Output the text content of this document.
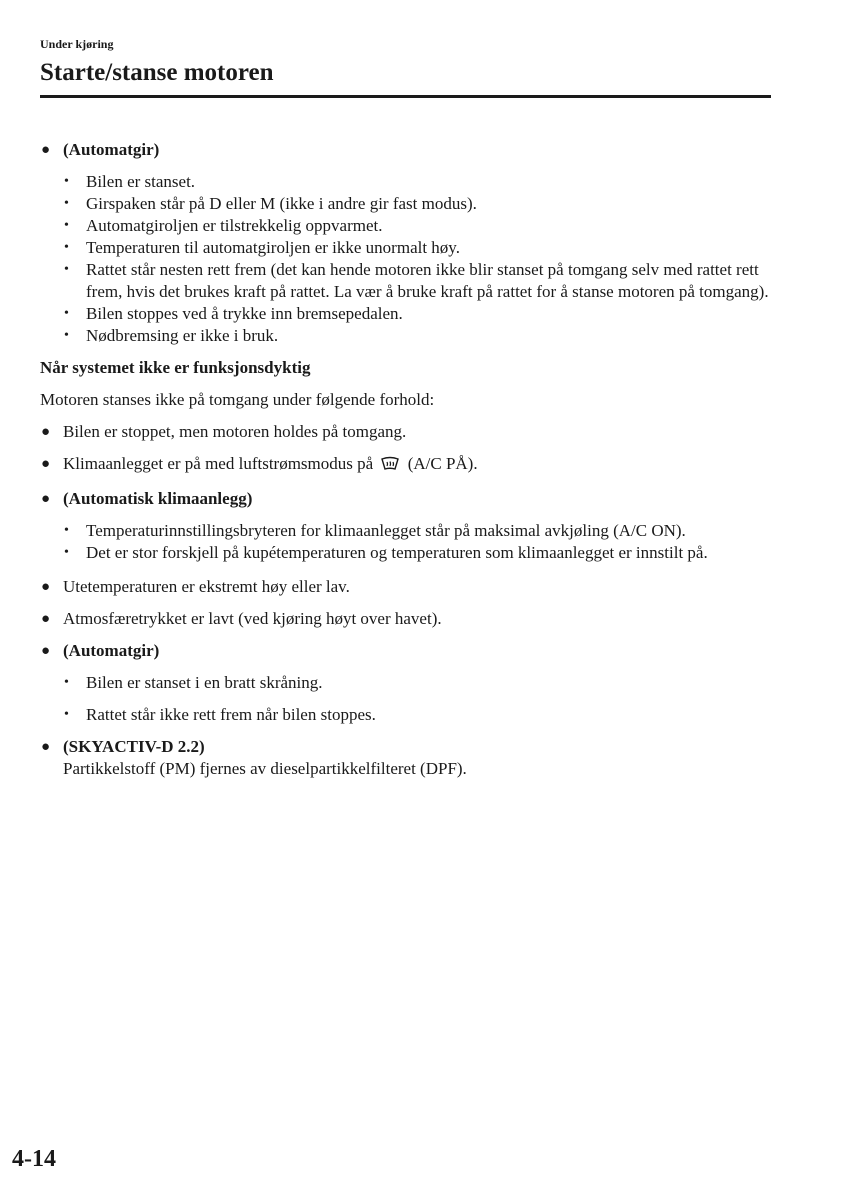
Under kjøring
Starte/stanse motoren
● (Automatgir)
• Bilen er stanset.
• Girspaken står på D eller M (ikke i andre gir fast modus).
• Automatgiroljen er tilstrekkelig oppvarmet.
• Temperaturen til automatgiroljen er ikke unormalt høy.
• Rattet står nesten rett frem (det kan hende motoren ikke blir stanset på tomgang selv med rattet rett frem, hvis det brukes kraft på rattet. La vær å bruke kraft på rattet for å stanse motoren på tomgang).
• Bilen stoppes ved å trykke inn bremsepedalen.
• Nødbremsing er ikke i bruk.
Når systemet ikke er funksjonsdyktig
Motoren stanses ikke på tomgang under følgende forhold:
● Bilen er stoppet, men motoren holdes på tomgang.
● Klimaanlegget er på med luftstrømsmodus på (A/C PÅ).
● (Automatisk klimaanlegg)
• Temperaturinnstillingsbryteren for klimaanlegget står på maksimal avkjøling (A/C ON).
• Det er stor forskjell på kupétemperaturen og temperaturen som klimaanlegget er innstilt på.
● Utetemperaturen er ekstremt høy eller lav.
● Atmosfæretrykket er lavt (ved kjøring høyt over havet).
● (Automatgir)
• Bilen er stanset i en bratt skråning.
• Rattet står ikke rett frem når bilen stoppes.
● (SKYACTIV-D 2.2)
Partikkelstoff (PM) fjernes av dieselpartikkelfilteret (DPF).
4-14
